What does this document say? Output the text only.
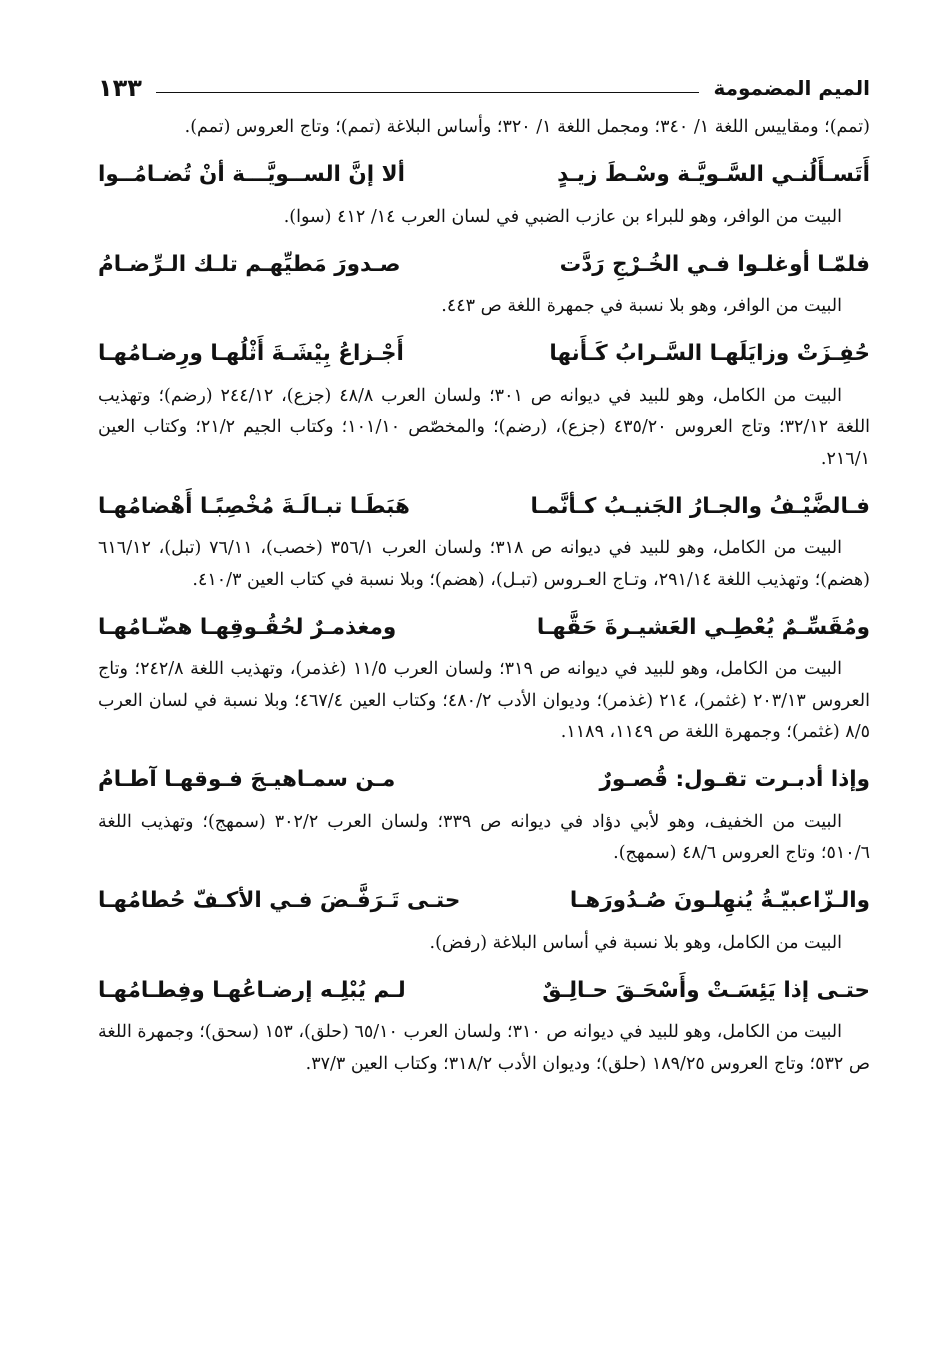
الميم المضمومة
١٣٣

(تمم)؛ ومقاييس اللغة ١/ ٣٤٠؛ ومجمل اللغة ١/ ٣٢٠؛ وأساس البلاغة (تمم)؛ وتاج العروس (تمم).

أَتَسـأَلُنـي السَّـويَّـة وسْـطَ زيـدٍ
ألا إنَّ الســويَّـــة أنْ تُضـامُــوا

البيت من الوافر، وهو للبراء بن عازب الضبي في لسان العرب ١٤/ ٤١٢ (سوا).

فلمّـا أوغلـوا فـي الخُـرْجِ رَدَّت
صـدورَ مَطيِّهـم تلـك الـرِّضـامُ

البيت من الوافر، وهو بلا نسبة في جمهرة اللغة ص ٤٤٣.

حُفِـزَتْ وزايَلَهـا السَّـرابُ كَـأَنها
أَجْـزاعُ بِيْشَـةَ أَثْلُهـا ورِضـامُهـا

البيت من الكامل، وهو للبيد في ديوانه ص ٣٠١؛ ولسان العرب ٤٨/٨ (جزع)، ٢٤٤/١٢ (رضم)؛ وتهذيب اللغة ٣٢/١٢؛ وتاج العروس ٤٣٥/٢٠ (جزع)، (رضم)؛ والمخصّص ١٠١/١٠؛ وكتاب الجيم ٢١/٢؛ وكتاب العين ٢١٦/١.

فـالضَّيْـفُ والجـارُ الجَنيـبُ كـأنَّمـا
هَبَطَـا تبـالَـةَ مُخْصِبًـا أَهْضامُهـا

البيت من الكامل، وهو للبيد في ديوانه ص ٣١٨؛ ولسان العرب ٣٥٦/١ (خصب)، ٧٦/١١ (تبل)، ٦١٦/١٢ (هضم)؛ وتهذيب اللغة ٢٩١/١٤، وتـاج العـروس (تبـل)، (هضم)؛ وبلا نسبة في كتاب العين ٤١٠/٣.

ومُقَسِّـمٌ يُعْطِـي العَشيـرةَ حَقَّهـا
ومغذمـرٌ لحُقُـوقِهـا هضّـامُهـا

البيت من الكامل، وهو للبيد في ديوانه ص ٣١٩؛ ولسان العرب ١١/٥ (غذمر)، وتهذيب اللغة ٢٤٢/٨؛ وتاج العروس ٢٠٣/١٣ (غثمر)، ٢١٤ (غذمر)؛ وديوان الأدب ٤٨٠/٢؛ وكتاب العين ٤٦٧/٤؛ وبلا نسبة في لسان العرب ٨/٥ (غثمر)؛ وجمهرة اللغة ص ١١٤٩، ١١٨٩.

وإذا أدبـرت تقـول: قُصـورٌ
مـن سمـاهيـجَ فـوقهـا آطـامُ

البيت من الخفيف، وهو لأبي دؤاد في ديوانه ص ٣٣٩؛ ولسان العرب ٣٠٢/٢ (سمهج)؛ وتهذيب اللغة ٥١٠/٦؛ وتاج العروس ٤٨/٦ (سمهج).

والـزّاعبيّـةُ يُنهِلـونَ صُـدُورَهـا
حتـى تَـرَفَّـضَ فـي الأكـفّ حُطامُهـا

البيت من الكامل، وهو بلا نسبة في أساس البلاغة (رفض).

حتـى إذا يَئِسَـتْ وأَسْحَـقَ حـالِـقٌ
لـم يُبْلِـه إرضـاعُهـا وفِطـامُهـا

البيت من الكامل، وهو للبيد في ديوانه ص ٣١٠؛ ولسان العرب ٦٥/١٠ (حلق)، ١٥٣ (سحق)؛ وجمهرة اللغة ص ٥٣٢؛ وتاج العروس ١٨٩/٢٥ (حلق)؛ وديوان الأدب ٣١٨/٢؛ وكتاب العين ٣٧/٣.
